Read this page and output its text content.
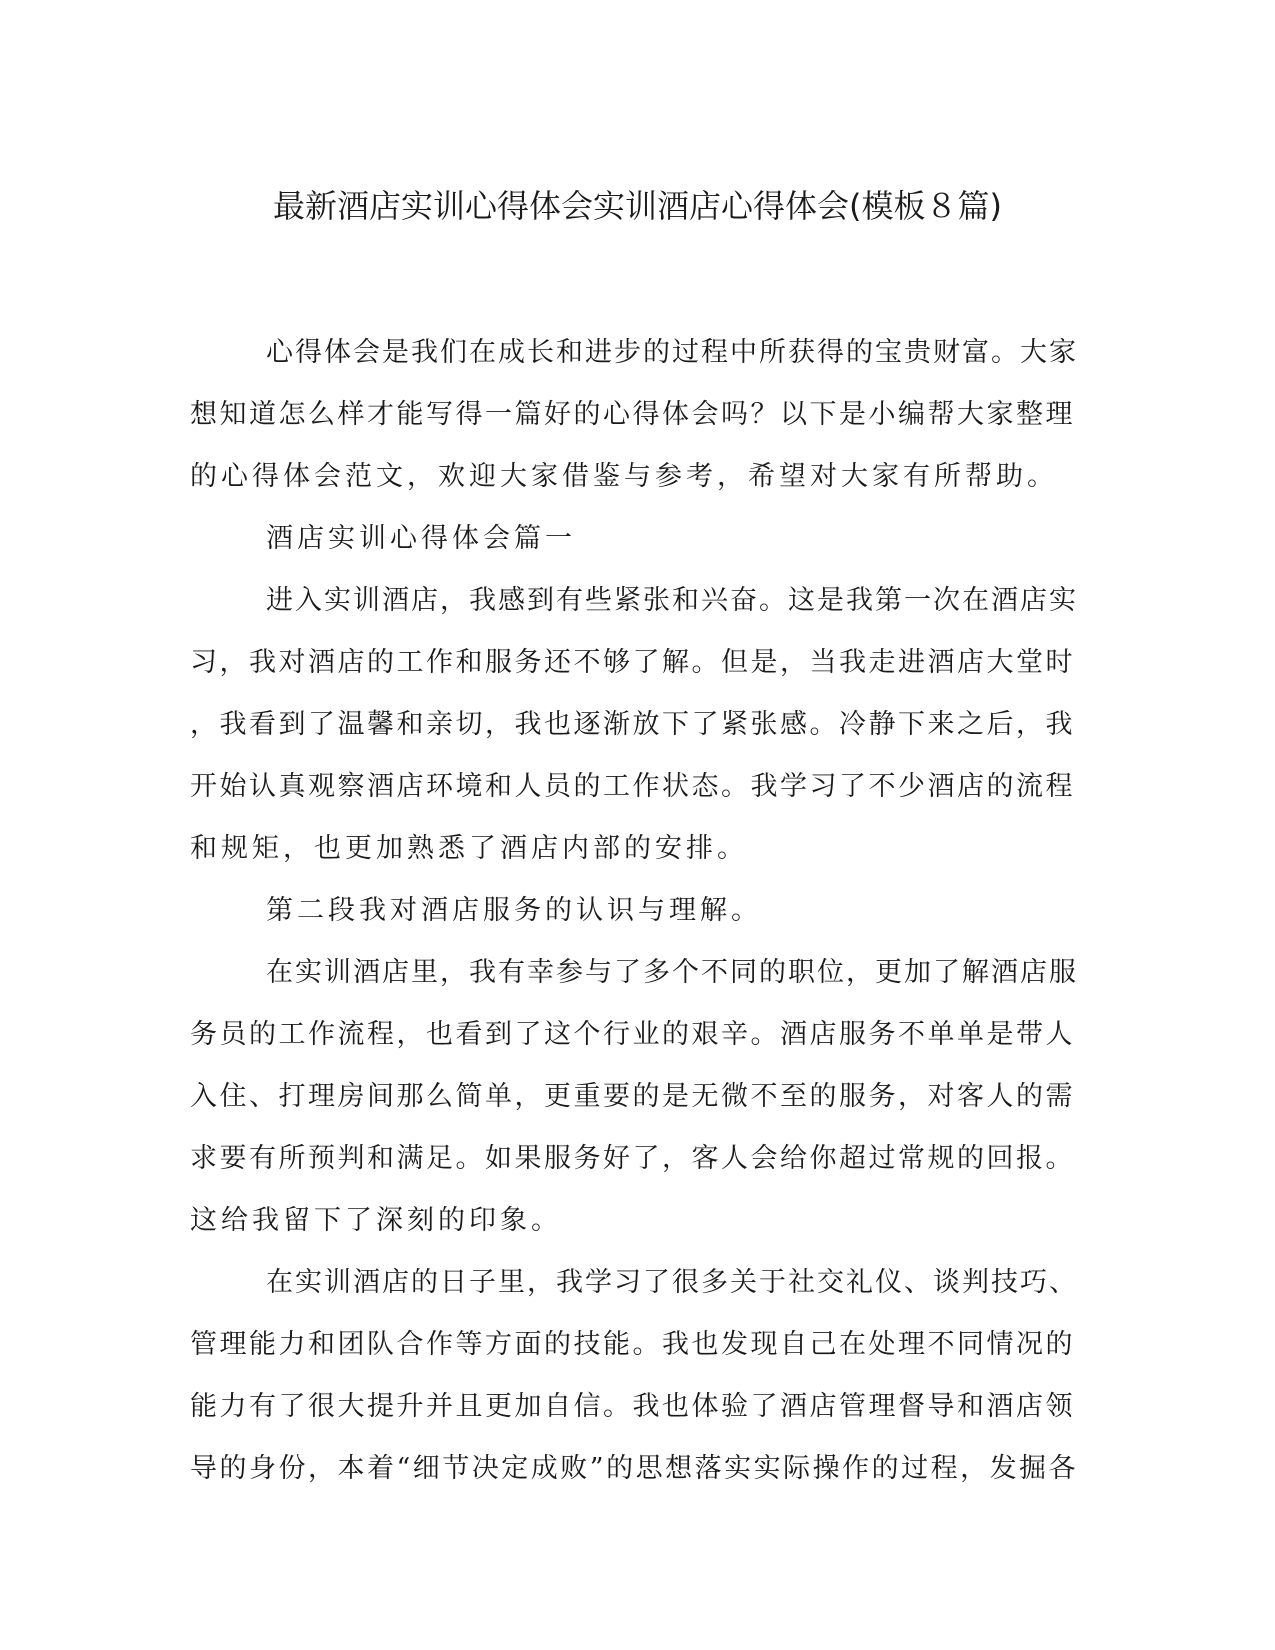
最新酒店实训心得体会实训酒店心得体会(模板８篇)
心得体会是我们在成长和进步的过程中所获得的宝贵财富。大家
想知道怎么样才能写得一篇好的心得体会吗？以下是小编帮大家整理
的心得体会范文，欢迎大家借鉴与参考，希望对大家有所帮助。
酒店实训心得体会篇一
进入实训酒店，我感到有些紧张和兴奋。这是我第一次在酒店实
习，我对酒店的工作和服务还不够了解。但是，当我走进酒店大堂时
，我看到了温馨和亲切，我也逐渐放下了紧张感。冷静下来之后，我
开始认真观察酒店环境和人员的工作状态。我学习了不少酒店的流程
和规矩，也更加熟悉了酒店内部的安排。
第二段我对酒店服务的认识与理解。
在实训酒店里，我有幸参与了多个不同的职位，更加了解酒店服
务员的工作流程，也看到了这个行业的艰辛。酒店服务不单单是带人
入住、打理房间那么简单，更重要的是无微不至的服务，对客人的需
求要有所预判和满足。如果服务好了，客人会给你超过常规的回报。
这给我留下了深刻的印象。
在实训酒店的日子里，我学习了很多关于社交礼仪、谈判技巧、
管理能力和团队合作等方面的技能。我也发现自己在处理不同情况的
能力有了很大提升并且更加自信。我也体验了酒店管理督导和酒店领
导的身份，本着“细节决定成败”的思想落实实际操作的过程，发掘各
